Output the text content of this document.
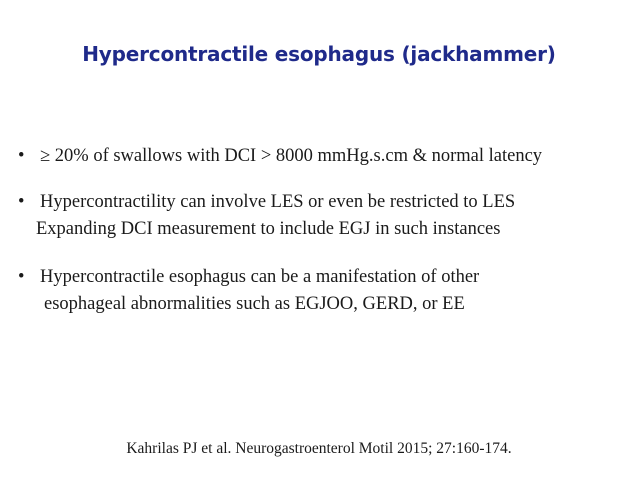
Hypercontractile esophagus (jackhammer)
• ≥ 20% of swallows with DCI > 8000 mmHg.s.cm & normal latency
• Hypercontractility can involve LES or even be restricted to LES
Expanding DCI measurement to include EGJ in such instances
• Hypercontractile esophagus can be a manifestation of other
esophageal abnormalities such as EGJOO, GERD, or EE
Kahrilas PJ et al. Neurogastroenterol Motil 2015; 27:160-174.
